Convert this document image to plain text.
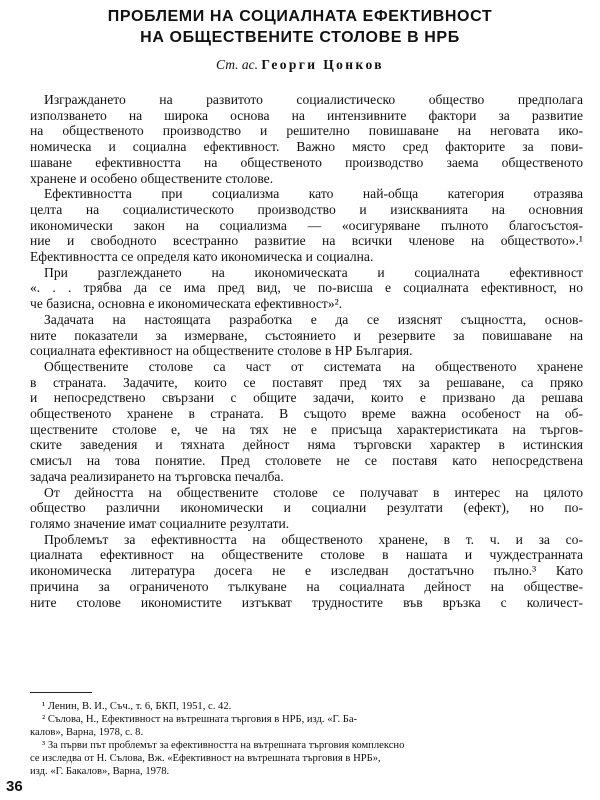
ПРОБЛЕМИ НА СОЦИАЛНАТА ЕФЕКТИВНОСТ
НА ОБЩЕСТВЕНИТЕ СТОЛОВЕ В НРБ
Ст. ас. Георги Цонков
Изграждането на развитото социалистическо общество предполага
използването на широка основа на интензивните фактори за развитие
на общественото производство и решително повишаване на неговата ико-
номическа и социална ефективност. Важно място сред факторите за пови-
шаване ефективността на общественото производство заема общественото
хранене и особено обществените столове.
Ефективността при социализма като най-обща категория отразява
целта на социалистическото производство и изискванията на основния
икономически закон на социализма — «осигуряване пълното благосъстоя-
ние и свободното всестранно развитие на всички членове на обществото».¹
Ефективността се определя като икономическа и социална.
При разглеждането на икономическата и социалната ефективност
«. . . трябва да се има пред вид, че по-висша е социалната ефективност, но
че базисна, основна е икономическата ефективност»².
Задачата на настоящата разработка е да се изяснят същността, основ-
ните показатели за измерване, състоянието и резервите за повишаване на
социалната ефективност на обществените столове в НР България.
Обществените столове са част от системата на общественото хранене
в страната. Задачите, които се поставят пред тях за решаване, са пряко
и непосредствено свързани с общите задачи, които е призвано да решава
общественото хранене в страната. В същото време важна особеност на об-
ществените столове е, че на тях не е присъща характеристиката на търгов-
ските заведения и тяхната дейност няма търговски характер в истинския
смисъл на това понятие. Пред столовете не се поставя като непосредствена
задача реализирането на търговска печалба.
От дейността на обществените столове се получават в интерес на цялото
общество различни икономически и социални резултати (ефект), но по-
голямо значение имат социалните резултати.
Проблемът за ефективността на общественото хранене, в т. ч. и за со-
циалната ефективност на обществените столове в нашата и чуждестранната
икономическа литература досега не е изследван достатъчно пълно.³ Като
причина за ограниченото тълкуване на социалната дейност на обществе-
ните столове икономистите изтъкват трудностите във връзка с количест-

¹ Ленин, В. И., Съч., т. 6, БКП, 1951, с. 42.

² Сълова, Н., Ефективност на вътрешната търговия в НРБ, изд. «Г. Ба-

калов», Варна, 1978, с. 8.

³ За първи път проблемът за ефективността на вътрешната търговия комплексно

се изследва от Н. Сълова, Вж. «Ефективност на вътрешната търговия в НРБ»,

изд. «Г. Бакалов», Варна, 1978.

36
